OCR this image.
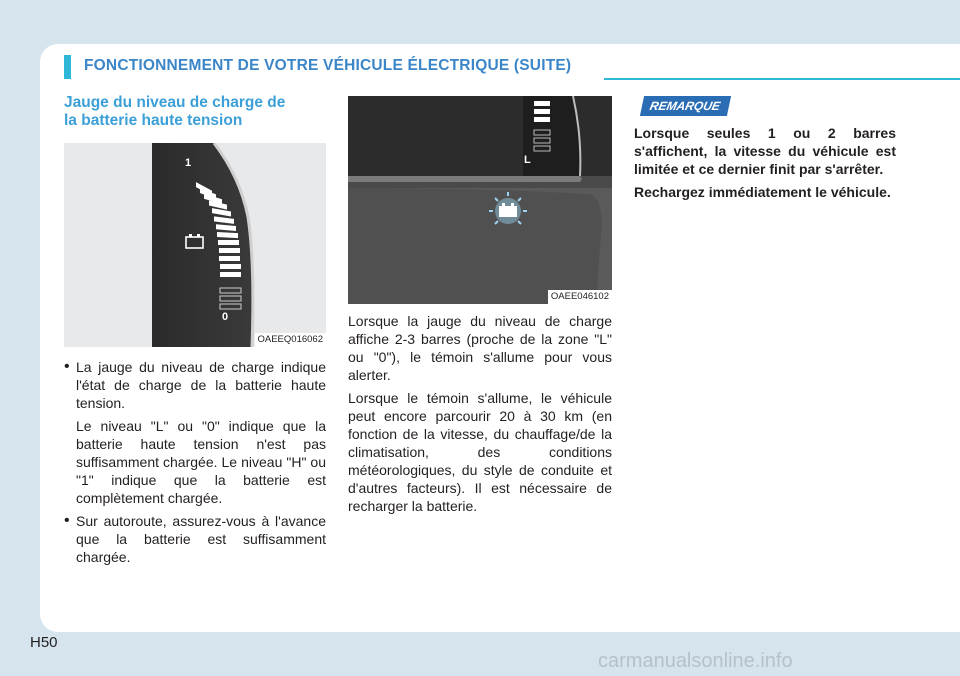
FONCTIONNEMENT DE VOTRE VÉHICULE ÉLECTRIQUE (SUITE)
Jauge du niveau de charge de
la batterie haute tension
1
0
OAEEQ016062
• La jauge du niveau de charge indique l'état de charge de la batterie haute tension.

Le niveau "L" ou "0" indique que la batterie haute tension n'est pas suffisamment chargée. Le niveau "H" ou "1" indique que la batterie est complètement chargée.

• Sur autoroute, assurez-vous à l'avance que la batterie est suffisamment chargée.

L
OAEE046102

Lorsque la jauge du niveau de charge affiche 2-3 barres (proche de la zone "L" ou "0"), le témoin s'allume pour vous alerter.

Lorsque le témoin s'allume, le véhicule peut encore parcourir 20 à 30 km (en fonction de la vitesse, du chauffage/de la climatisation, des conditions météorologiques, du style de conduite et d'autres facteurs). Il est nécessaire de recharger la batterie.

REMARQUE

Lorsque seules 1 ou 2 barres s'affichent, la vitesse du véhicule est limitée et ce dernier finit par s'arrêter.

Rechargez immédiatement le véhicule.

H50
carmanualsonline.info
